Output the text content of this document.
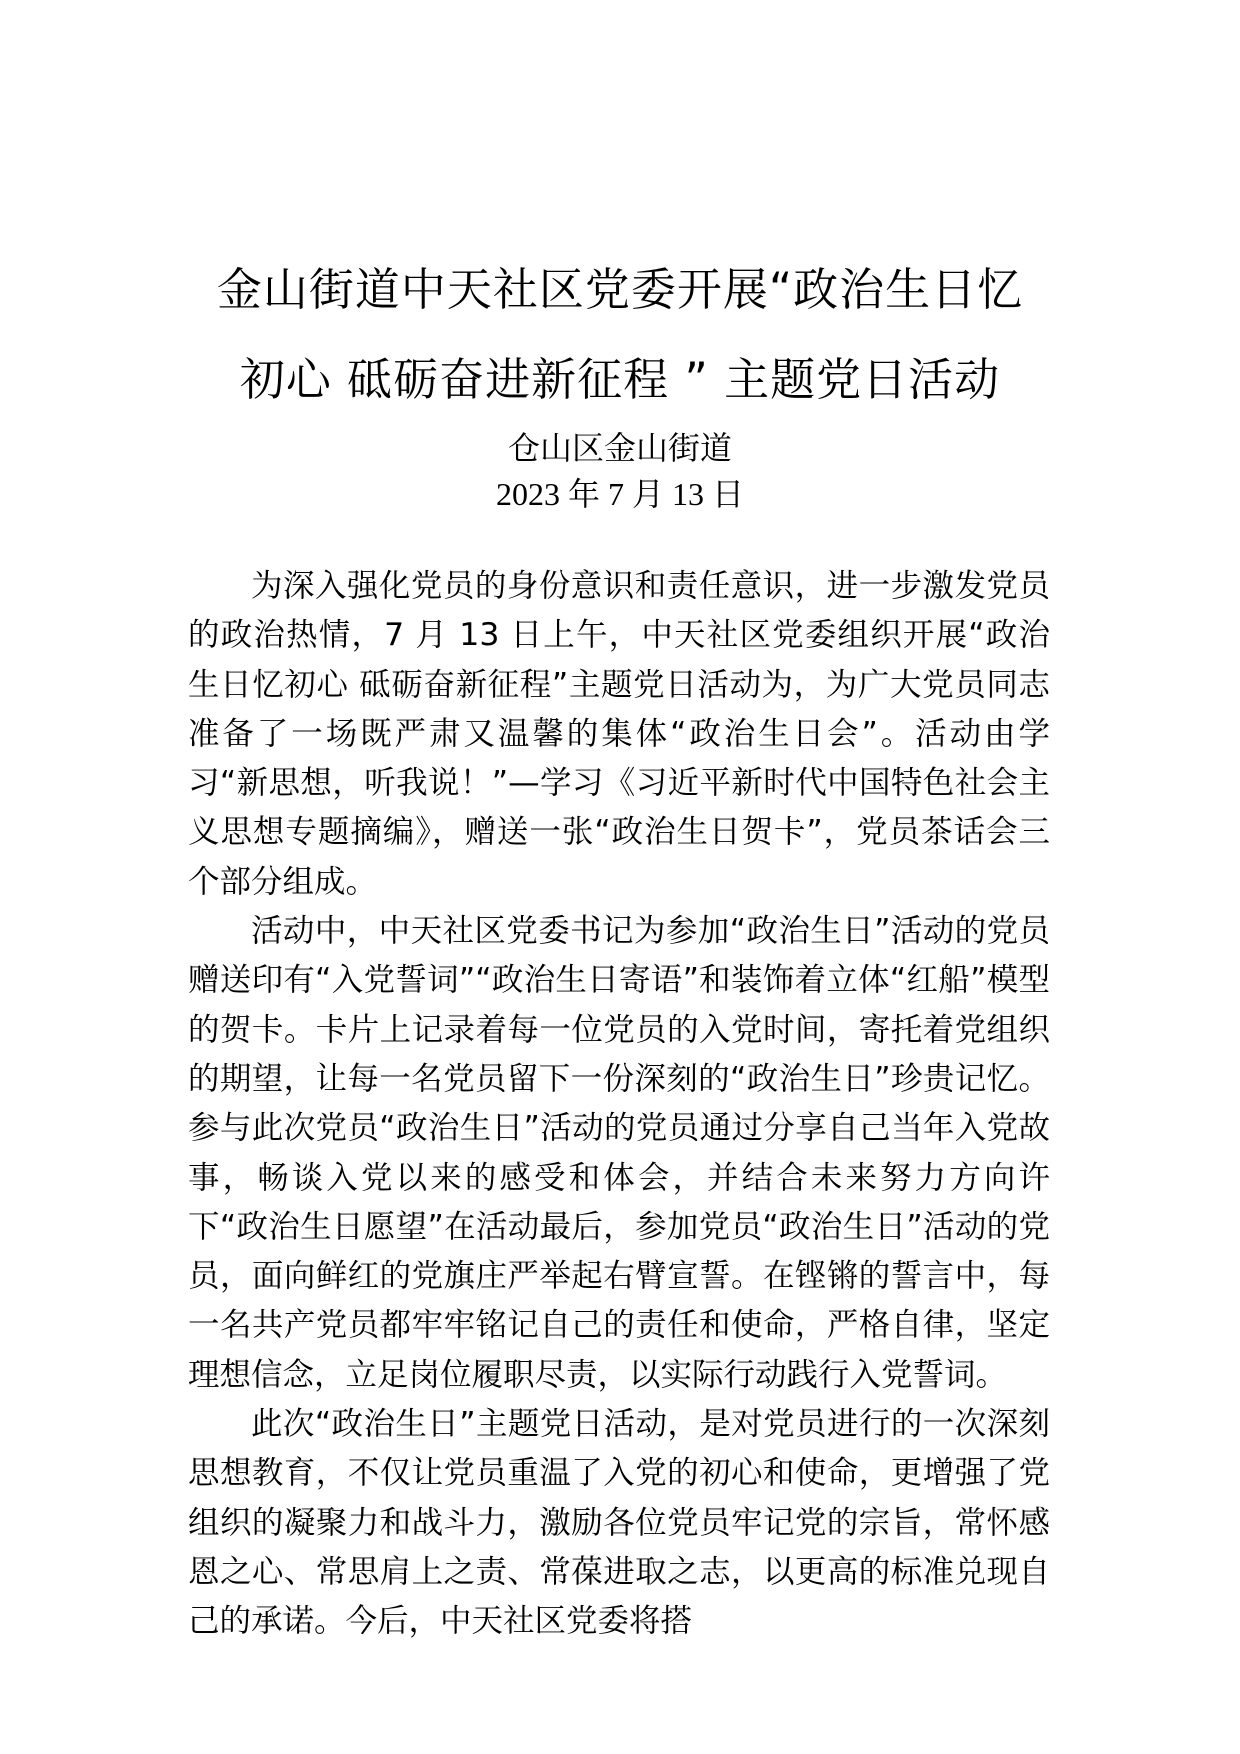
金山街道中天社区党委开展“政治生日忆
初心 砥砺奋进新征程 ” 主题党日活动
仓山区金山街道
2023 年 7 月 13 日

为深入强化党员的身份意识和责任意识，进一步激发党员的政治热情，7 月 13 日上午，中天社区党委组织开展“政治生日忆初心 砥砺奋新征程”主题党日活动为，为广大党员同志准备了一场既严肃又温馨的集体“政治生日会”。活动由学习“新思想，听我说！”—学习《习近平新时代中国特色社会主义思想专题摘编》，赠送一张“政治生日贺卡”，党员茶话会三个部分组成。

活动中，中天社区党委书记为参加“政治生日”活动的党员赠送印有“入党誓词”“政治生日寄语”和装饰着立体“红船”模型的贺卡。卡片上记录着每一位党员的入党时间，寄托着党组织的期望，让每一名党员留下一份深刻的“政治生日”珍贵记忆。参与此次党员“政治生日”活动的党员通过分享自己当年入党故事，畅谈入党以来的感受和体会，并结合未来努力方向许下“政治生日愿望”在活动最后，参加党员“政治生日”活动的党员，面向鲜红的党旗庄严举起右臂宣誓。在铿锵的誓言中，每一名共产党员都牢牢铭记自己的责任和使命，严格自律，坚定理想信念，立足岗位履职尽责，以实际行动践行入党誓词。

此次“政治生日”主题党日活动，是对党员进行的一次深刻思想教育，不仅让党员重温了入党的初心和使命，更增强了党组织的凝聚力和战斗力，激励各位党员牢记党的宗旨，常怀感恩之心、常思肩上之责、常葆进取之志，以更高的标准兑现自己的承诺。今后，中天社区党委将搭
